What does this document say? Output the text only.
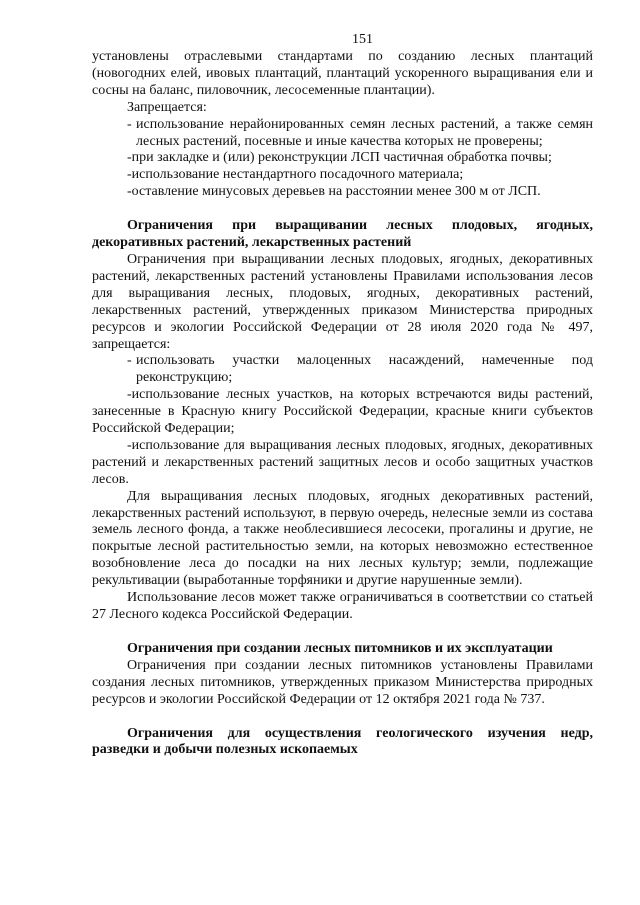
151

установлены отраслевыми стандартами по созданию лесных плантаций (новогодних елей, ивовых плантаций, плантаций ускоренного выращивания ели и сосны на баланс, пиловочник, лесосеменные плантации).

Запрещается:

- использование нерайонированных семян лесных растений, а также семян лесных растений, посевные и иные качества которых не проверены;

-при закладке и (или) реконструкции ЛСП частичная обработка почвы;

-использование нестандартного посадочного материала;

-оставление минусовых деревьев на расстоянии менее 300 м от ЛСП.

Ограничения при выращивании лесных плодовых, ягодных, декоративных растений, лекарственных растений

Ограничения при выращивании лесных плодовых, ягодных, декоративных растений, лекарственных растений установлены Правилами использования лесов для выращивания лесных, плодовых, ягодных, декоративных растений, лекарственных растений, утвержденных приказом Министерства природных ресурсов и экологии Российской Федерации от 28 июля 2020 года № 497, запрещается:

- использовать участки малоценных насаждений, намеченные под реконструкцию;

-использование лесных участков, на которых встречаются виды растений, занесенные в Красную книгу Российской Федерации, красные книги субъектов Российской Федерации;

-использование для выращивания лесных плодовых, ягодных, декоративных растений и лекарственных растений защитных лесов и особо защитных участков лесов.

Для выращивания лесных плодовых, ягодных декоративных растений, лекарственных растений используют, в первую очередь, нелесные земли из состава земель лесного фонда, а также необлесившиеся лесосеки, прогалины и другие, не покрытые лесной растительностью земли, на которых невозможно естественное возобновление леса до посадки на них лесных культур; земли, подлежащие рекультивации (выработанные торфяники и другие нарушенные земли).

Использование лесов может также ограничиваться в соответствии со статьей 27 Лесного кодекса Российской Федерации.

Ограничения при создании лесных питомников и их эксплуатации

Ограничения при создании лесных питомников установлены Правилами создания лесных питомников, утвержденных приказом Министерства природных ресурсов и экологии Российской Федерации от 12 октября 2021 года № 737.

Ограничения для осуществления геологического изучения недр, разведки и добычи полезных ископаемых
